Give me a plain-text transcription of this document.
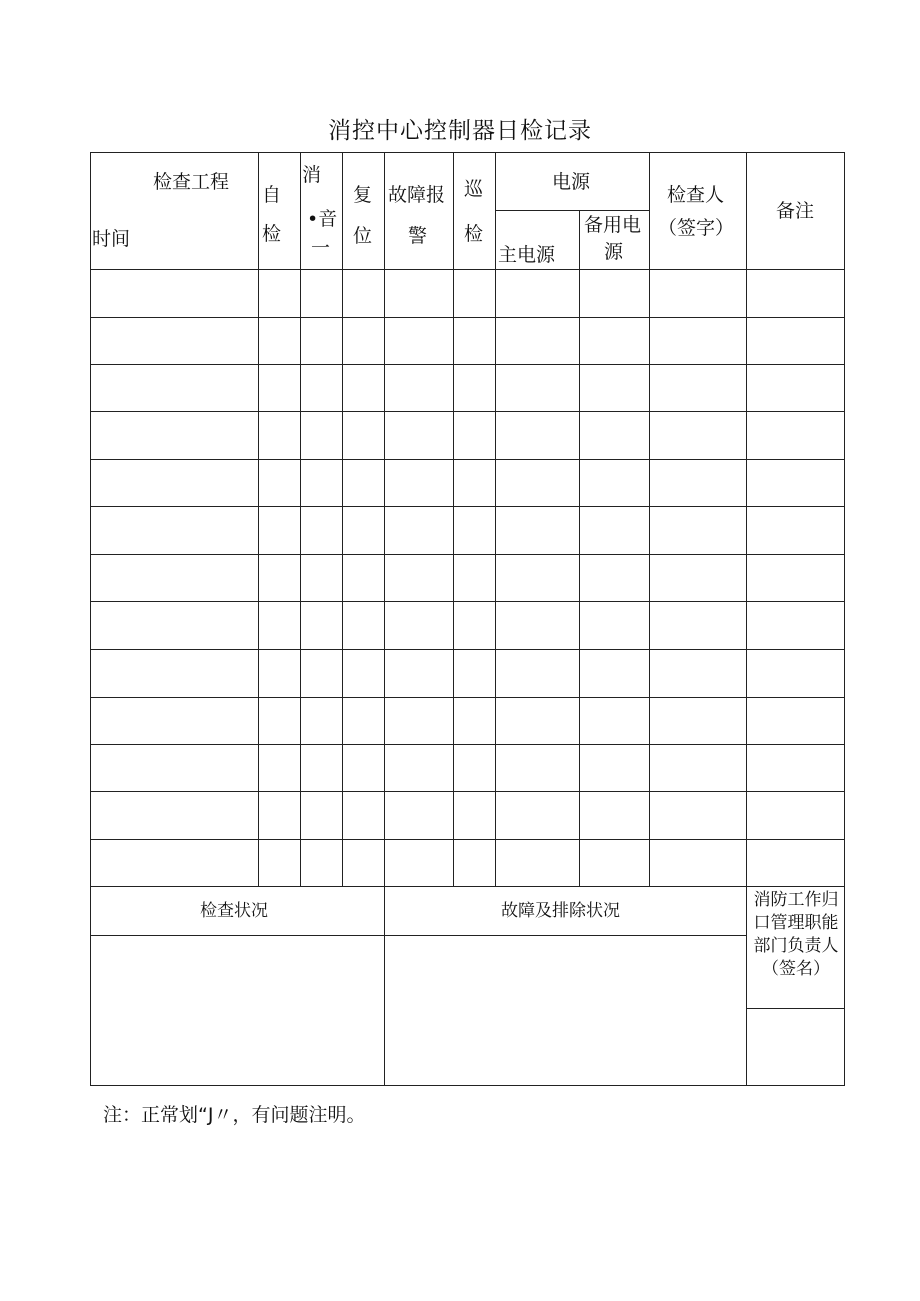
消控中心控制器日检记录
检查工程
时间
自
检
消
•音
一
复
位
故障报
警
巡
检
电源
主电源
备用电
源
检查人
（签字）
备注
检查状况	故障及排除状况
消防工作归口管理职能部门负责人（签名）
注：正常划“J〃，有问题注明。
